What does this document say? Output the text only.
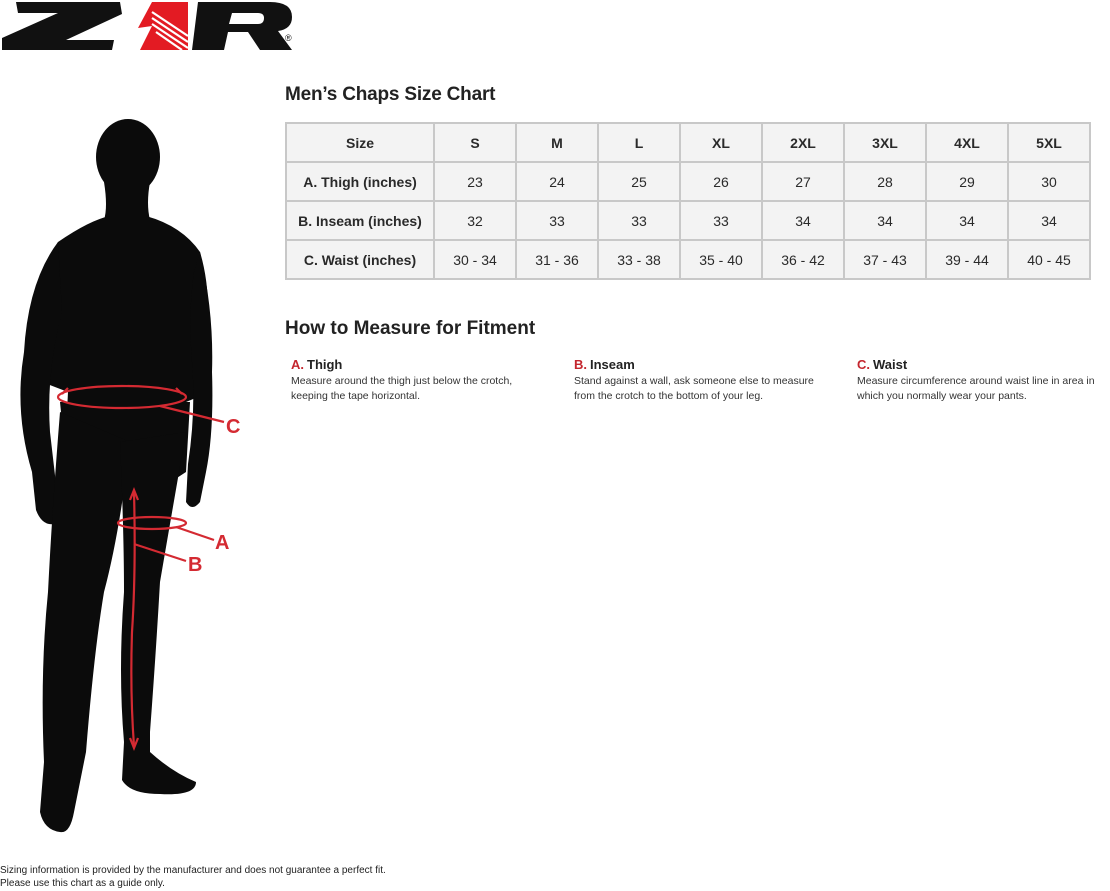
®
C
A
B
Men’s Chaps Size Chart
Size	S	M	L	XL	2XL	3XL	4XL	5XL
A. Thigh (inches)	23	24	25	26	27	28	29	30
B. Inseam (inches)	32	33	33	33	34	34	34	34
C. Waist (inches)	30 - 34	31 - 36	33 - 38	35 - 40	36 - 42	37 - 43	39 - 44	40 - 45
How to Measure for Fitment

A. Thigh

Measure around the thigh just below the crotch,
keeping the tape horizontal.

B. Inseam

Stand against a wall, ask someone else to measure
from the crotch to the bottom of your leg.

C. Waist

Measure circumference around waist line in area in
which you normally wear your pants.

Sizing information is provided by the manufacturer and does not guarantee a perfect fit.
Please use this chart as a guide only.
